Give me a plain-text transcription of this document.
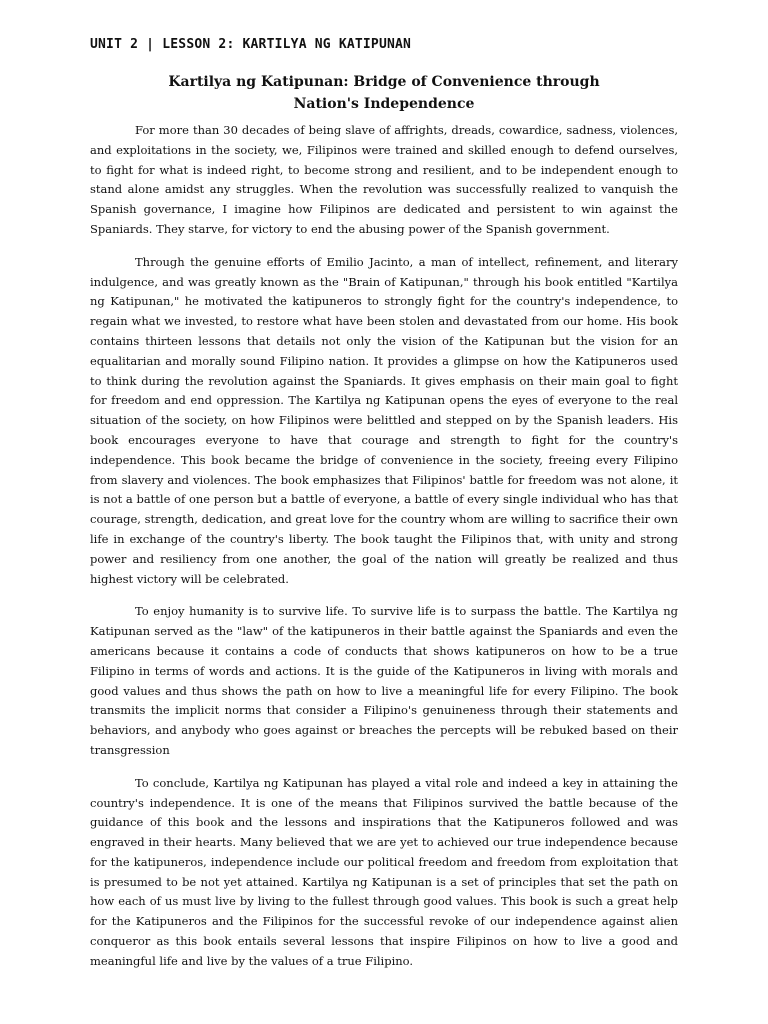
UNIT 2 | LESSON 2: KARTILYA NG KATIPUNAN
Kartilya ng Katipunan: Bridge of Convenience through
Nation's Independence

For more than 30 decades of being slave of affrights, dreads, cowardice, sadness, violences, and exploitations in the society, we, Filipinos were trained and skilled enough to defend ourselves, to fight for what is indeed right, to become strong and resilient, and to be independent enough to stand alone amidst any struggles. When the revolution was successfully realized to vanquish the Spanish governance, I imagine how Filipinos are dedicated and persistent to win against the Spaniards. They starve, for victory to end the abusing power of the Spanish government.

Through the genuine efforts of Emilio Jacinto, a man of intellect, refinement, and literary indulgence, and was greatly known as the "Brain of Katipunan," through his book entitled "Kartilya ng Katipunan," he motivated the katipuneros to strongly fight for the country's independence, to regain what we invested, to restore what have been stolen and devastated from our home. His book contains thirteen lessons that details not only the vision of the Katipunan but the vision for an equalitarian and morally sound Filipino nation. It provides a glimpse on how the Katipuneros used to think during the revolution against the Spaniards. It gives emphasis on their main goal to fight for freedom and end oppression. The Kartilya ng Katipunan opens the eyes of everyone to the real situation of the society, on how Filipinos were belittled and stepped on by the Spanish leaders. His book encourages everyone to have that courage and strength to fight for the country's independence. This book became the bridge of convenience in the society, freeing every Filipino from slavery and violences. The book emphasizes that Filipinos' battle for freedom was not alone, it is not a battle of one person but a battle of everyone, a battle of every single individual who has that courage, strength, dedication, and great love for the country whom are willing to sacrifice their own life in exchange of the country's liberty. The book taught the Filipinos that, with unity and strong power and resiliency from one another, the goal of the nation will greatly be realized and thus highest victory will be celebrated.

To enjoy humanity is to survive life. To survive life is to surpass the battle. The Kartilya ng Katipunan served as the "law" of the katipuneros in their battle against the Spaniards and even the americans because it contains a code of conducts that shows katipuneros on how to be a true Filipino in terms of words and actions. It is the guide of the Katipuneros in living with morals and good values and thus shows the path on how to live a meaningful life for every Filipino. The book transmits the implicit norms that consider a Filipino's genuineness through their statements and behaviors, and anybody who goes against or breaches the percepts will be rebuked based on their transgression

To conclude, Kartilya ng Katipunan has played a vital role and indeed a key in attaining the country's independence. It is one of the means that Filipinos survived the battle because of the guidance of this book and the lessons and inspirations that the Katipuneros followed and was engraved in their hearts. Many believed that we are yet to achieved our true independence because for the katipuneros, independence include our political freedom and freedom from exploitation that is presumed to be not yet attained. Kartilya ng Katipunan is a set of principles that set the path on how each of us must live by living to the fullest through good values. This book is such a great help for the Katipuneros and the Filipinos for the successful revoke of our independence against alien conqueror as this book entails several lessons that inspire Filipinos on how to live a good and meaningful life and live by the values of a true Filipino.
